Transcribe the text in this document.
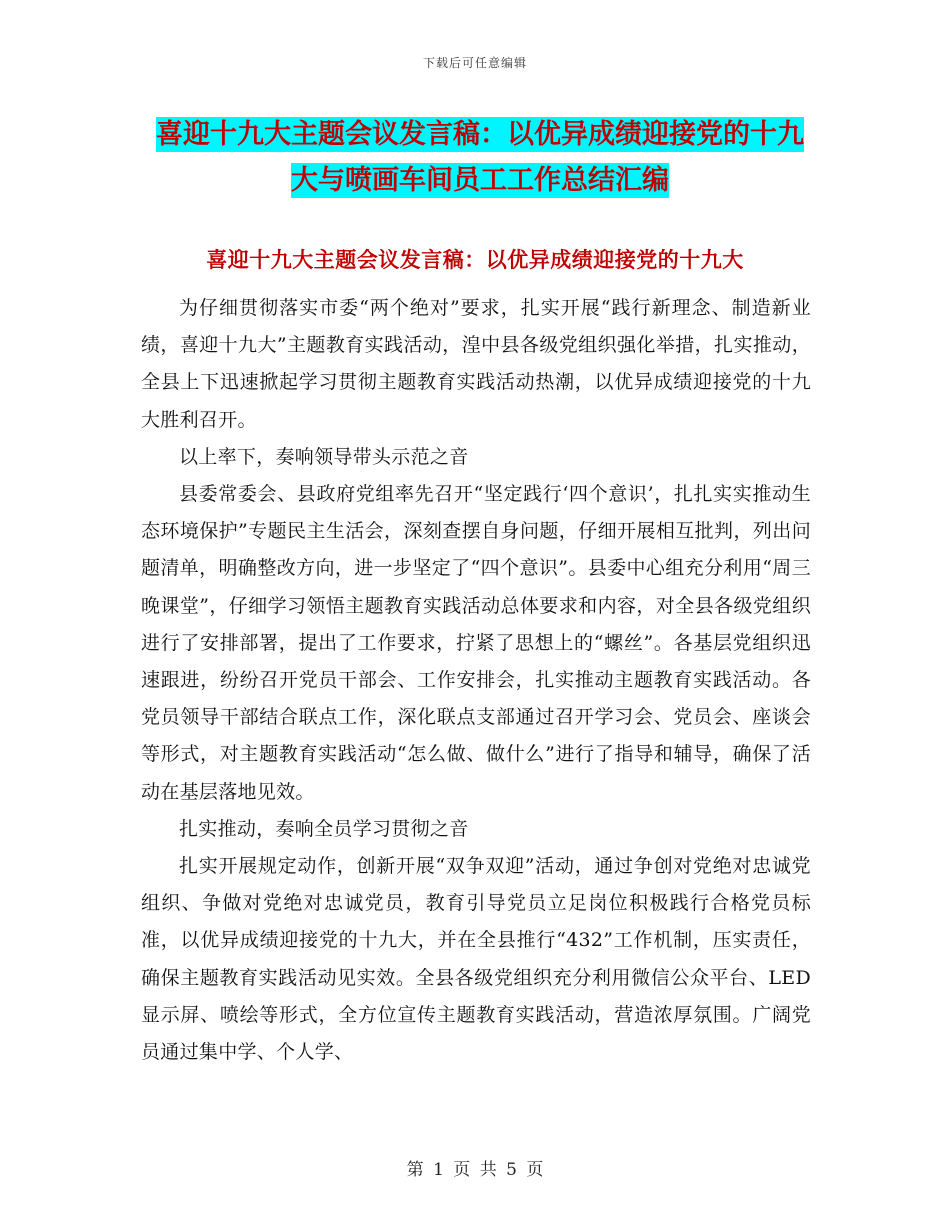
下载后可任意编辑
喜迎十九大主题会议发言稿：以优异成绩迎接党的十九大与喷画车间员工工作总结汇编
喜迎十九大主题会议发言稿：以优异成绩迎接党的十九大

为仔细贯彻落实市委“两个绝对”要求，扎实开展“践行新理念、制造新业绩，喜迎十九大”主题教育实践活动，湟中县各级党组织强化举措，扎实推动，全县上下迅速掀起学习贯彻主题教育实践活动热潮，以优异成绩迎接党的十九大胜利召开。

以上率下，奏响领导带头示范之音

县委常委会、县政府党组率先召开“坚定践行‘四个意识’，扎扎实实推动生态环境保护”专题民主生活会，深刻查摆自身问题，仔细开展相互批判，列出问题清单，明确整改方向，进一步坚定了“四个意识”。县委中心组充分利用“周三晚课堂”，仔细学习领悟主题教育实践活动总体要求和内容，对全县各级党组织进行了安排部署，提出了工作要求，拧紧了思想上的“螺丝”。各基层党组织迅速跟进，纷纷召开党员干部会、工作安排会，扎实推动主题教育实践活动。各党员领导干部结合联点工作，深化联点支部通过召开学习会、党员会、座谈会等形式，对主题教育实践活动“怎么做、做什么”进行了指导和辅导，确保了活动在基层落地见效。

扎实推动，奏响全员学习贯彻之音

扎实开展规定动作，创新开展“双争双迎”活动，通过争创对党绝对忠诚党组织、争做对党绝对忠诚党员，教育引导党员立足岗位积极践行合格党员标准，以优异成绩迎接党的十九大，并在全县推行“432”工作机制，压实责任，确保主题教育实践活动见实效。全县各级党组织充分利用微信公众平台、LED显示屏、喷绘等形式，全方位宣传主题教育实践活动，营造浓厚氛围。广阔党员通过集中学、个人学、

第 1 页 共 5 页
